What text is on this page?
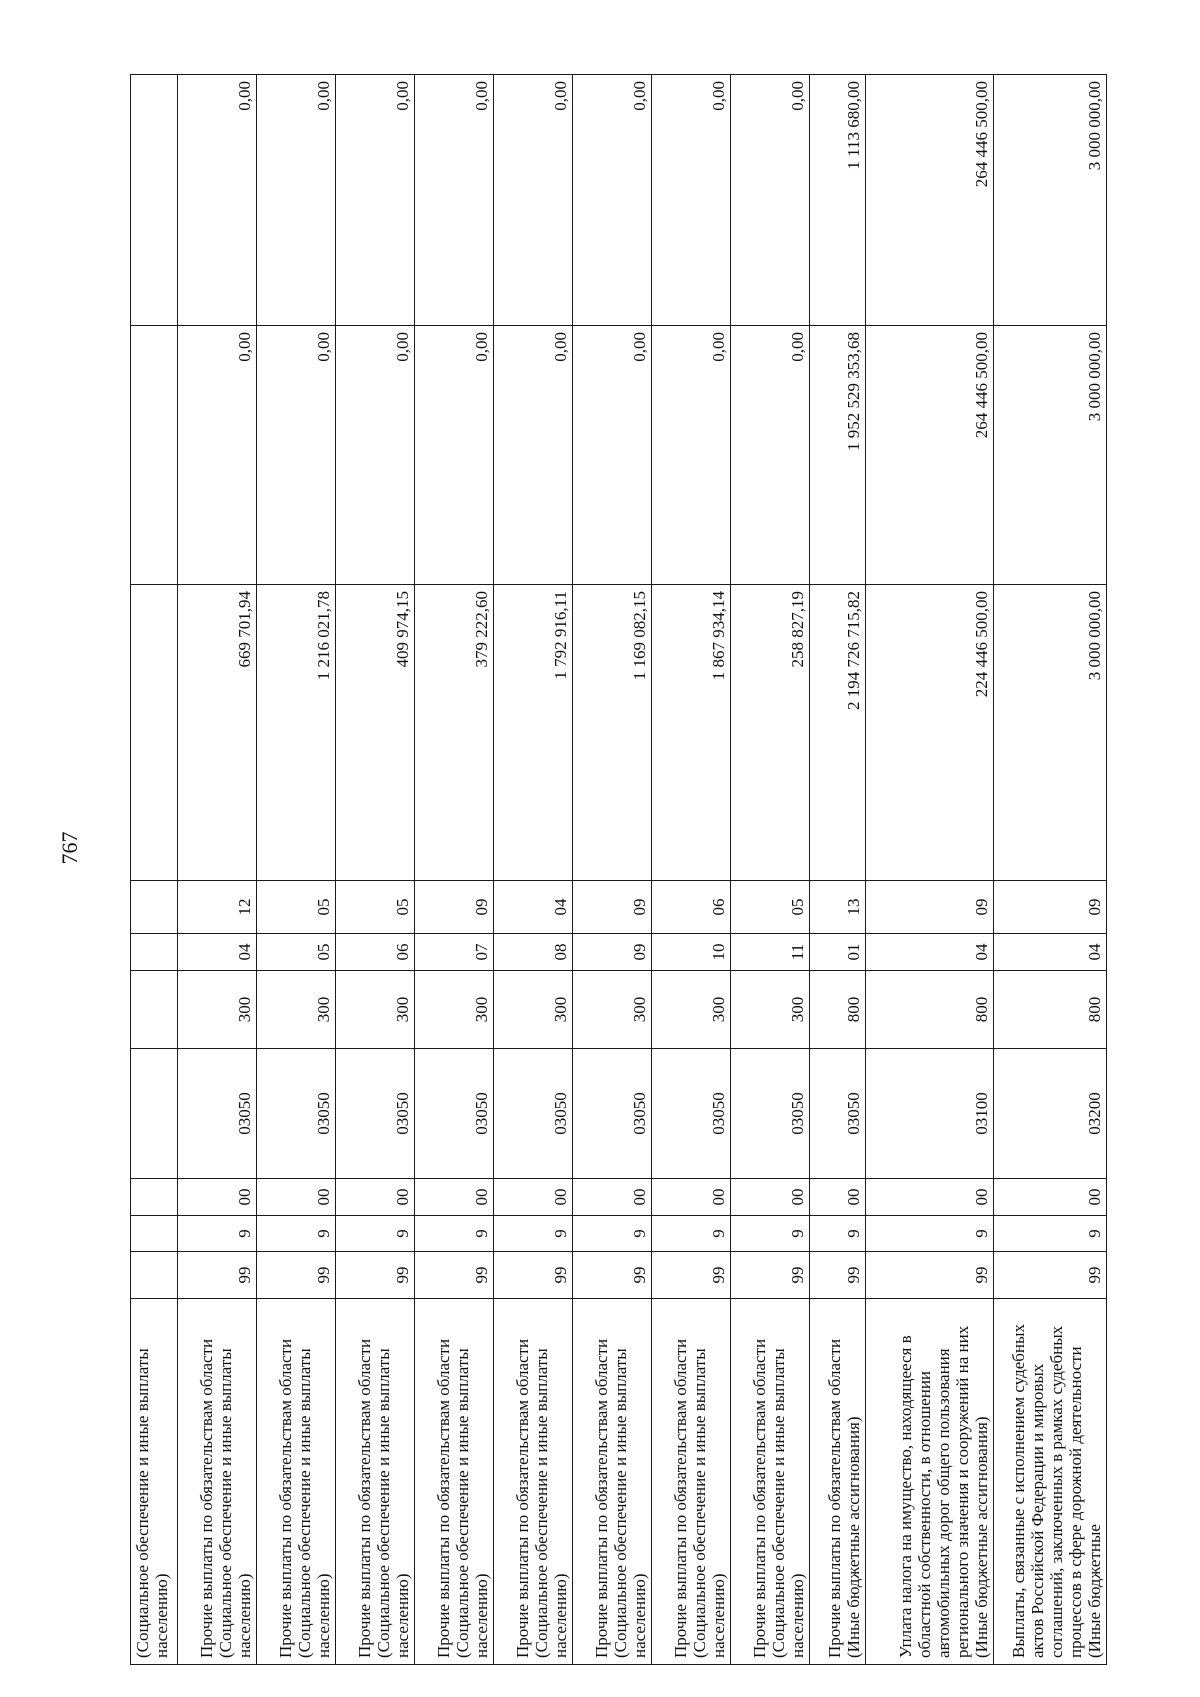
767
(Социальное обеспечение и иные выплаты населению)										
Прочие выплаты по обязательствам области (Социальное обеспечение и иные выплаты населению)	99	9	00	03050	300	04	12	669 701,94	0,00	0,00
Прочие выплаты по обязательствам области (Социальное обеспечение и иные выплаты населению)	99	9	00	03050	300	05	05	1 216 021,78	0,00	0,00
Прочие выплаты по обязательствам области (Социальное обеспечение и иные выплаты населению)	99	9	00	03050	300	06	05	409 974,15	0,00	0,00
Прочие выплаты по обязательствам области (Социальное обеспечение и иные выплаты населению)	99	9	00	03050	300	07	09	379 222,60	0,00	0,00
Прочие выплаты по обязательствам области (Социальное обеспечение и иные выплаты населению)	99	9	00	03050	300	08	04	1 792 916,11	0,00	0,00
Прочие выплаты по обязательствам области (Социальное обеспечение и иные выплаты населению)	99	9	00	03050	300	09	09	1 169 082,15	0,00	0,00
Прочие выплаты по обязательствам области (Социальное обеспечение и иные выплаты населению)	99	9	00	03050	300	10	06	1 867 934,14	0,00	0,00
Прочие выплаты по обязательствам области (Социальное обеспечение и иные выплаты населению)	99	9	00	03050	300	11	05	258 827,19	0,00	0,00
Прочие выплаты по обязательствам области (Иные бюджетные ассигнования)	99	9	00	03050	800	01	13	2 194 726 715,82	1 952 529 353,68	1 113 680,00
Уплата налога на имущество, находящееся в областной собственности, в отношении автомобильных дорог общего пользования регионального значения и сооружений на них (Иные бюджетные ассигнования)	99	9	00	03100	800	04	09	224 446 500,00	264 446 500,00	264 446 500,00
Выплаты, связанные с исполнением судебных актов Российской Федерации и мировых соглашений, заключенных в рамках судебных процессов в сфере дорожной деятельности (Иные бюджетные	99	9	00	03200	800	04	09	3 000 000,00	3 000 000,00	3 000 000,00
